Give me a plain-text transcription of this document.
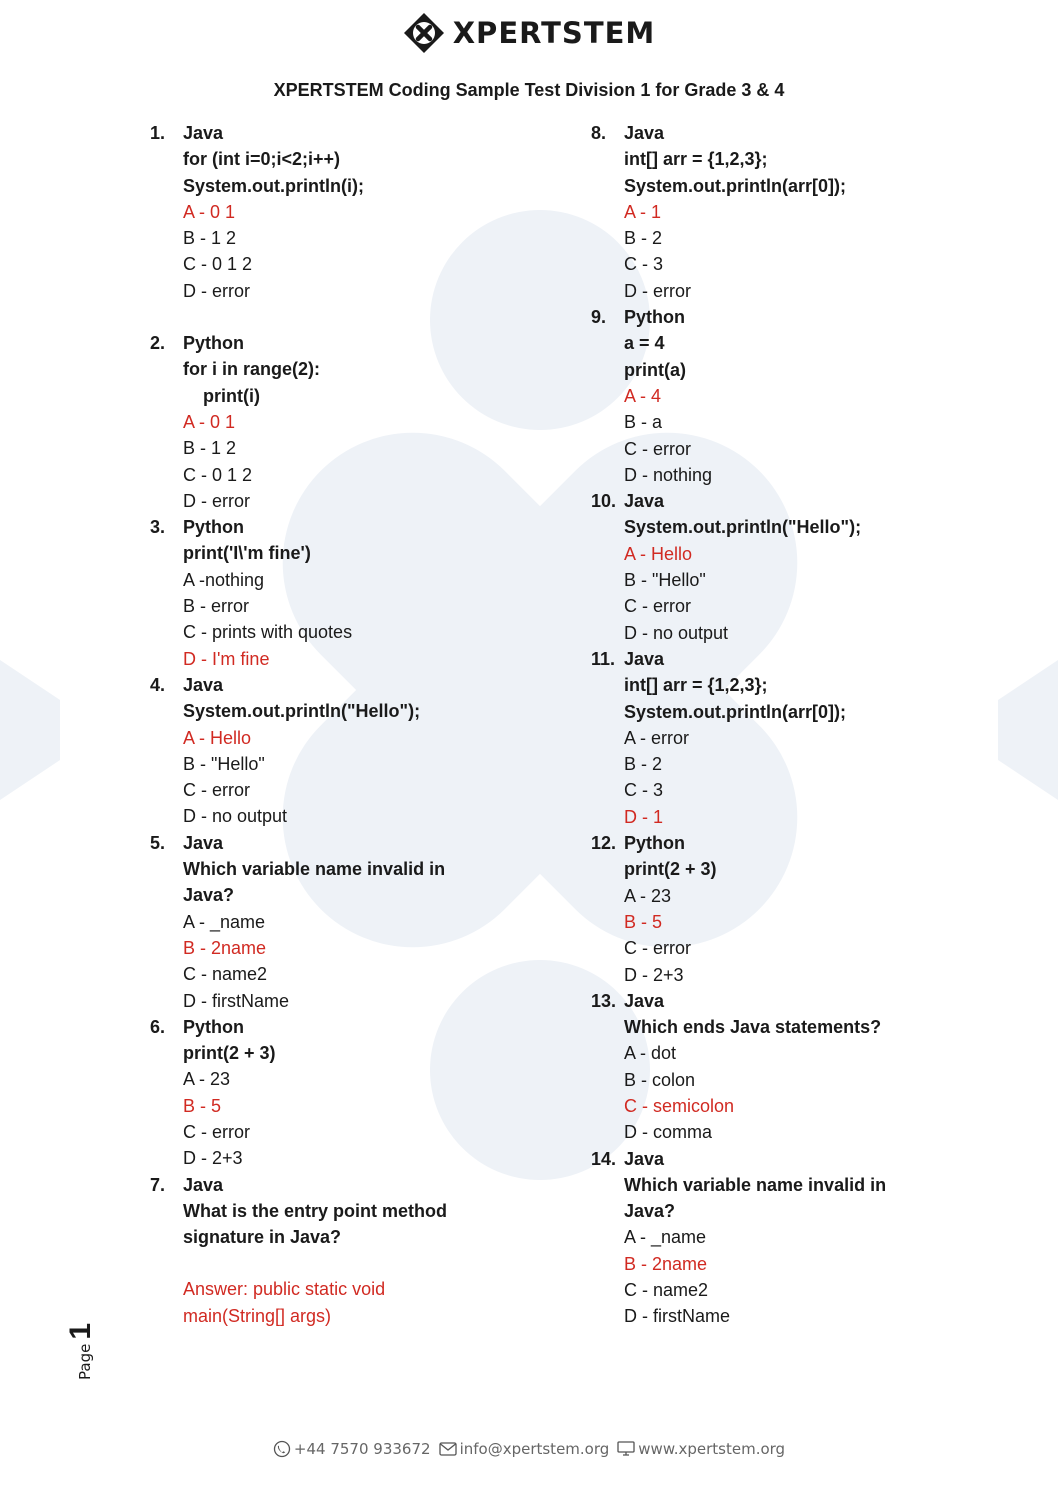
XPERTSTEM
XPERTSTEM Coding Sample Test Division 1 for Grade 3 & 4
1. Java
for (int i=0;i<2;i++)
System.out.println(i);
A - 0 1
B - 1 2
C - 0 1 2
D - error
2. Python
for i in range(2):
print(i)
A - 0 1
B - 1 2
C - 0 1 2
D - error
3. Python
print('I\'m fine')
A -nothing
B - error
C - prints with quotes
D - I'm fine
4. Java
System.out.println("Hello");
A - Hello
B - "Hello"
C - error
D - no output
5. Java
Which variable name invalid in
Java?
A - _name
B - 2name
C - name2
D - firstName
6. Python
print(2 + 3)
A - 23
B - 5
C - error
D - 2+3
7. Java
What is the entry point method
signature in Java?
Answer: public static void
main(String[] args)
8. Java
int[] arr = {1,2,3};
System.out.println(arr[0]);
A - 1
B - 2
C - 3
D - error
9. Python
a = 4
print(a)
A - 4
B - a
C - error
D - nothing
10. Java
System.out.println("Hello");
A - Hello
B - "Hello"
C - error
D - no output
11. Java
int[] arr = {1,2,3};
System.out.println(arr[0]);
A - error
B - 2
C - 3
D - 1
12. Python
print(2 + 3)
A - 23
B - 5
C - error
D - 2+3
13. Java
Which ends Java statements?
A - dot
B - colon
C - semicolon
D - comma
14. Java
Which variable name invalid in
Java?
A - _name
B - 2name
C - name2
D - firstName
Page1
+44 7570 933672 info@xpertstem.org www.xpertstem.org
